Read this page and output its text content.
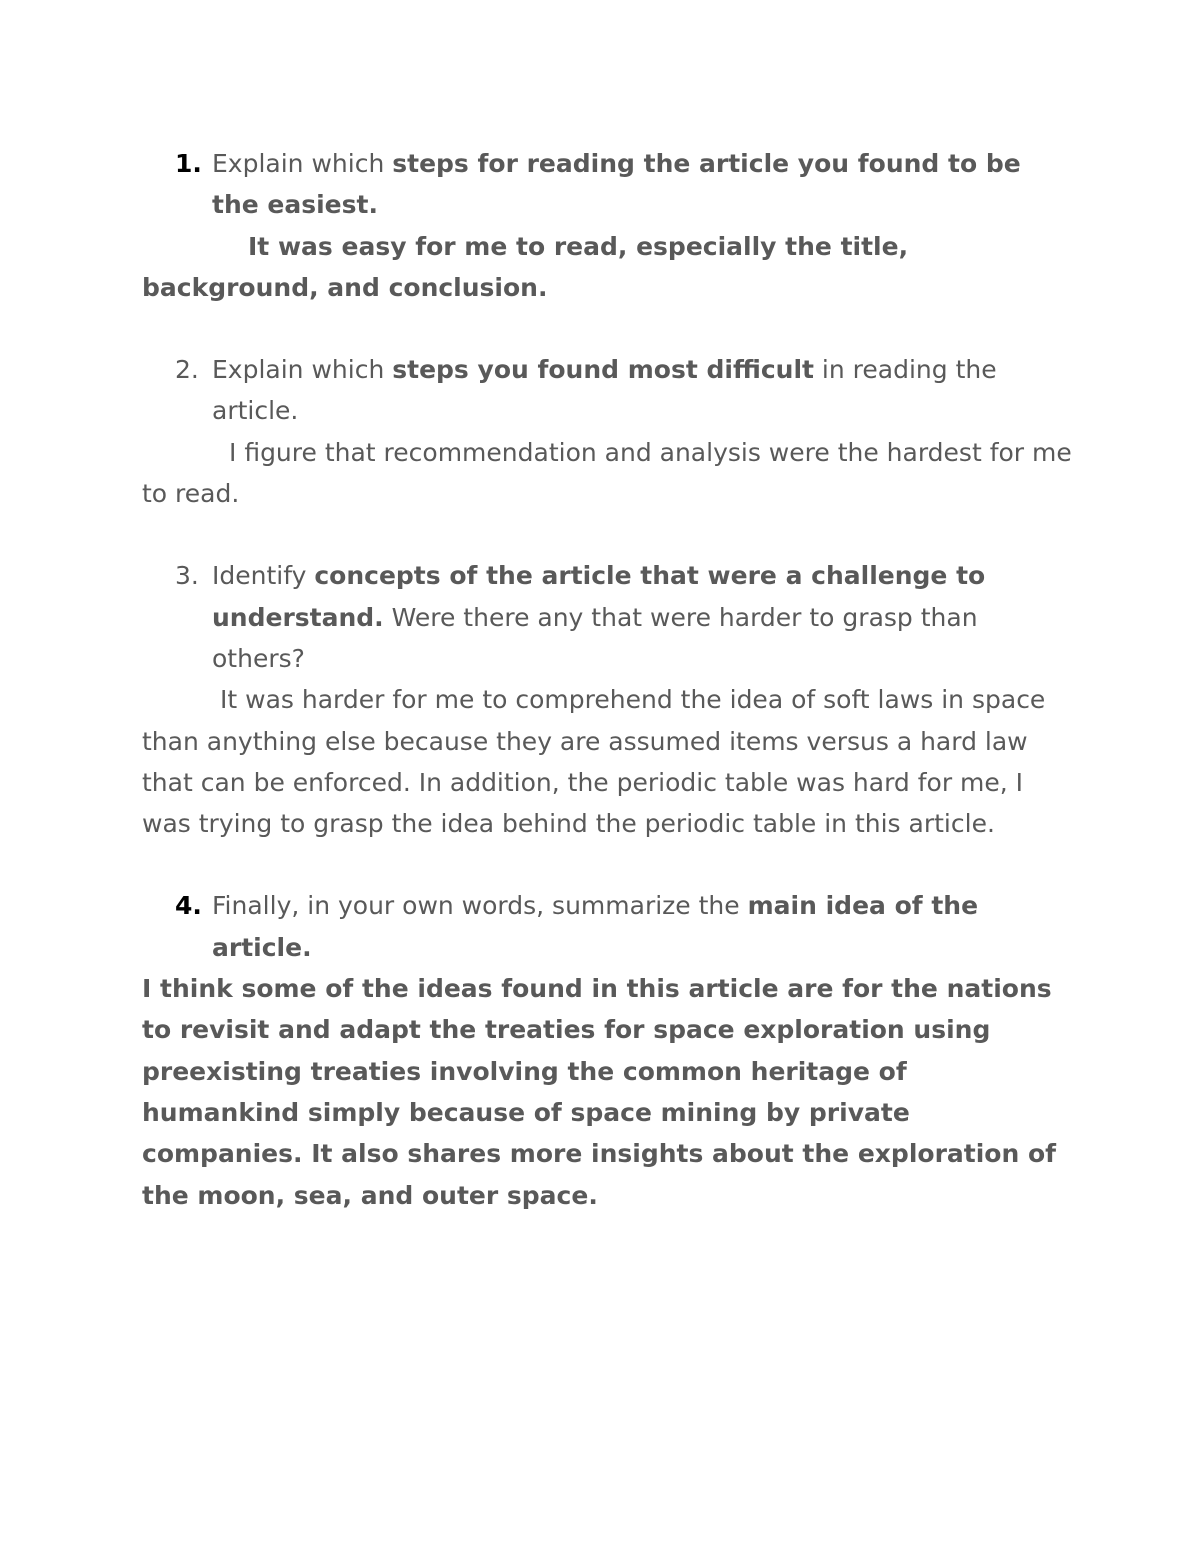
1. Explain which steps for reading the article you found to be the easiest.

It was easy for me to read, especially the title, background, and conclusion.

2. Explain which steps you found most difficult in reading the article.

I figure that recommendation and analysis were the hardest for me to read.

3. Identify concepts of the article that were a challenge to understand. Were there any that were harder to grasp than others?

It was harder for me to comprehend the idea of soft laws in space than anything else because they are assumed items versus a hard law that can be enforced. In addition, the periodic table was hard for me, I was trying to grasp the idea behind the periodic table in this article.

4. Finally, in your own words, summarize the main idea of the article.

I think some of the ideas found in this article are for the nations to revisit and adapt the treaties for space exploration using preexisting treaties involving the common heritage of humankind simply because of space mining by private companies. It also shares more insights about the exploration of the moon, sea, and outer space.
